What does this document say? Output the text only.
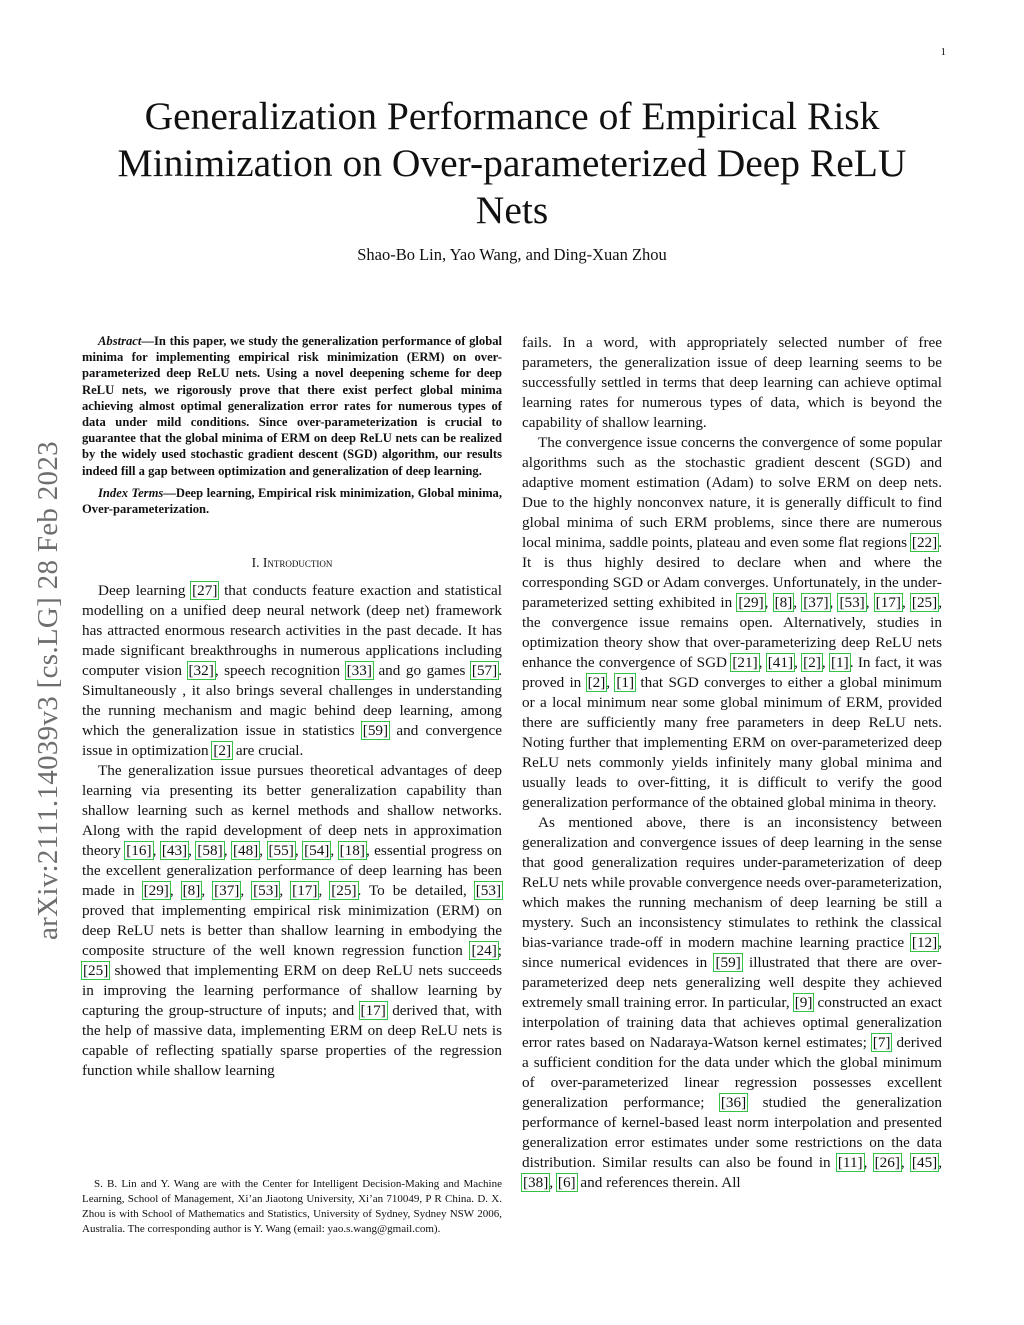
1
arXiv:2111.14039v3 [cs.LG] 28 Feb 2023
Generalization Performance of Empirical Risk Minimization on Over-parameterized Deep ReLU Nets
Shao-Bo Lin, Yao Wang, and Ding-Xuan Zhou

Abstract—In this paper, we study the generalization performance of global minima for implementing empirical risk minimization (ERM) on over-parameterized deep ReLU nets. Using a novel deepening scheme for deep ReLU nets, we rigorously prove that there exist perfect global minima achieving almost optimal generalization error rates for numerous types of data under mild conditions. Since over-parameterization is crucial to guarantee that the global minima of ERM on deep ReLU nets can be realized by the widely used stochastic gradient descent (SGD) algorithm, our results indeed fill a gap between optimization and generalization of deep learning.

Index Terms—Deep learning, Empirical risk minimization, Global minima, Over-parameterization.

I. Introduction

Deep learning [27] that conducts feature exaction and statistical modelling on a unified deep neural network (deep net) framework has attracted enormous research activities in the past decade. It has made significant breakthroughs in numerous applications including computer vision [32], speech recognition [33] and go games [57]. Simultaneously , it also brings several challenges in understanding the running mechanism and magic behind deep learning, among which the generalization issue in statistics [59] and convergence issue in optimization [2] are crucial.

The generalization issue pursues theoretical advantages of deep learning via presenting its better generalization capability than shallow learning such as kernel methods and shallow networks. Along with the rapid development of deep nets in approximation theory [16], [43], [58], [48], [55], [54], [18], essential progress on the excellent generalization performance of deep learning has been made in [29], [8], [37], [53], [17], [25]. To be detailed, [53] proved that implementing empirical risk minimization (ERM) on deep ReLU nets is better than shallow learning in embodying the composite structure of the well known regression function [24]; [25] showed that implementing ERM on deep ReLU nets succeeds in improving the learning performance of shallow learning by capturing the group-structure of inputs; and [17] derived that, with the help of massive data, implementing ERM on deep ReLU nets is capable of reflecting spatially sparse properties of the regression function while shallow learning

fails. In a word, with appropriately selected number of free parameters, the generalization issue of deep learning seems to be successfully settled in terms that deep learning can achieve optimal learning rates for numerous types of data, which is beyond the capability of shallow learning.

The convergence issue concerns the convergence of some popular algorithms such as the stochastic gradient descent (SGD) and adaptive moment estimation (Adam) to solve ERM on deep nets. Due to the highly nonconvex nature, it is generally difficult to find global minima of such ERM problems, since there are numerous local minima, saddle points, plateau and even some flat regions [22]. It is thus highly desired to declare when and where the corresponding SGD or Adam converges. Unfortunately, in the under-parameterized setting exhibited in [29], [8], [37], [53], [17], [25], the convergence issue remains open. Alternatively, studies in optimization theory show that over-parameterizing deep ReLU nets enhance the convergence of SGD [21], [41], [2], [1]. In fact, it was proved in [2], [1] that SGD converges to either a global minimum or a local minimum near some global minimum of ERM, provided there are sufficiently many free parameters in deep ReLU nets. Noting further that implementing ERM on over-parameterized deep ReLU nets commonly yields infinitely many global minima and usually leads to over-fitting, it is difficult to verify the good generalization performance of the obtained global minima in theory.

As mentioned above, there is an inconsistency between generalization and convergence issues of deep learning in the sense that good generalization requires under-parameterization of deep ReLU nets while provable convergence needs over-parameterization, which makes the running mechanism of deep learning be still a mystery. Such an inconsistency stimulates to rethink the classical bias-variance trade-off in modern machine learning practice [12], since numerical evidences in [59] illustrated that there are over-parameterized deep nets generalizing well despite they achieved extremely small training error. In particular, [9] constructed an exact interpolation of training data that achieves optimal generalization error rates based on Nadaraya-Watson kernel estimates; [7] derived a sufficient condition for the data under which the global minimum of over-parameterized linear regression possesses excellent generalization performance; [36] studied the generalization performance of kernel-based least norm interpolation and presented generalization error estimates under some restrictions on the data distribution. Similar results can also be found in [11], [26], [45], [38], [6] and references therein. All

S. B. Lin and Y. Wang are with the Center for Intelligent Decision-Making and Machine Learning, School of Management, Xi’an Jiaotong University, Xi’an 710049, P R China. D. X. Zhou is with School of Mathematics and Statistics, University of Sydney, Sydney NSW 2006, Australia. The corresponding author is Y. Wang (email: yao.s.wang@gmail.com).
